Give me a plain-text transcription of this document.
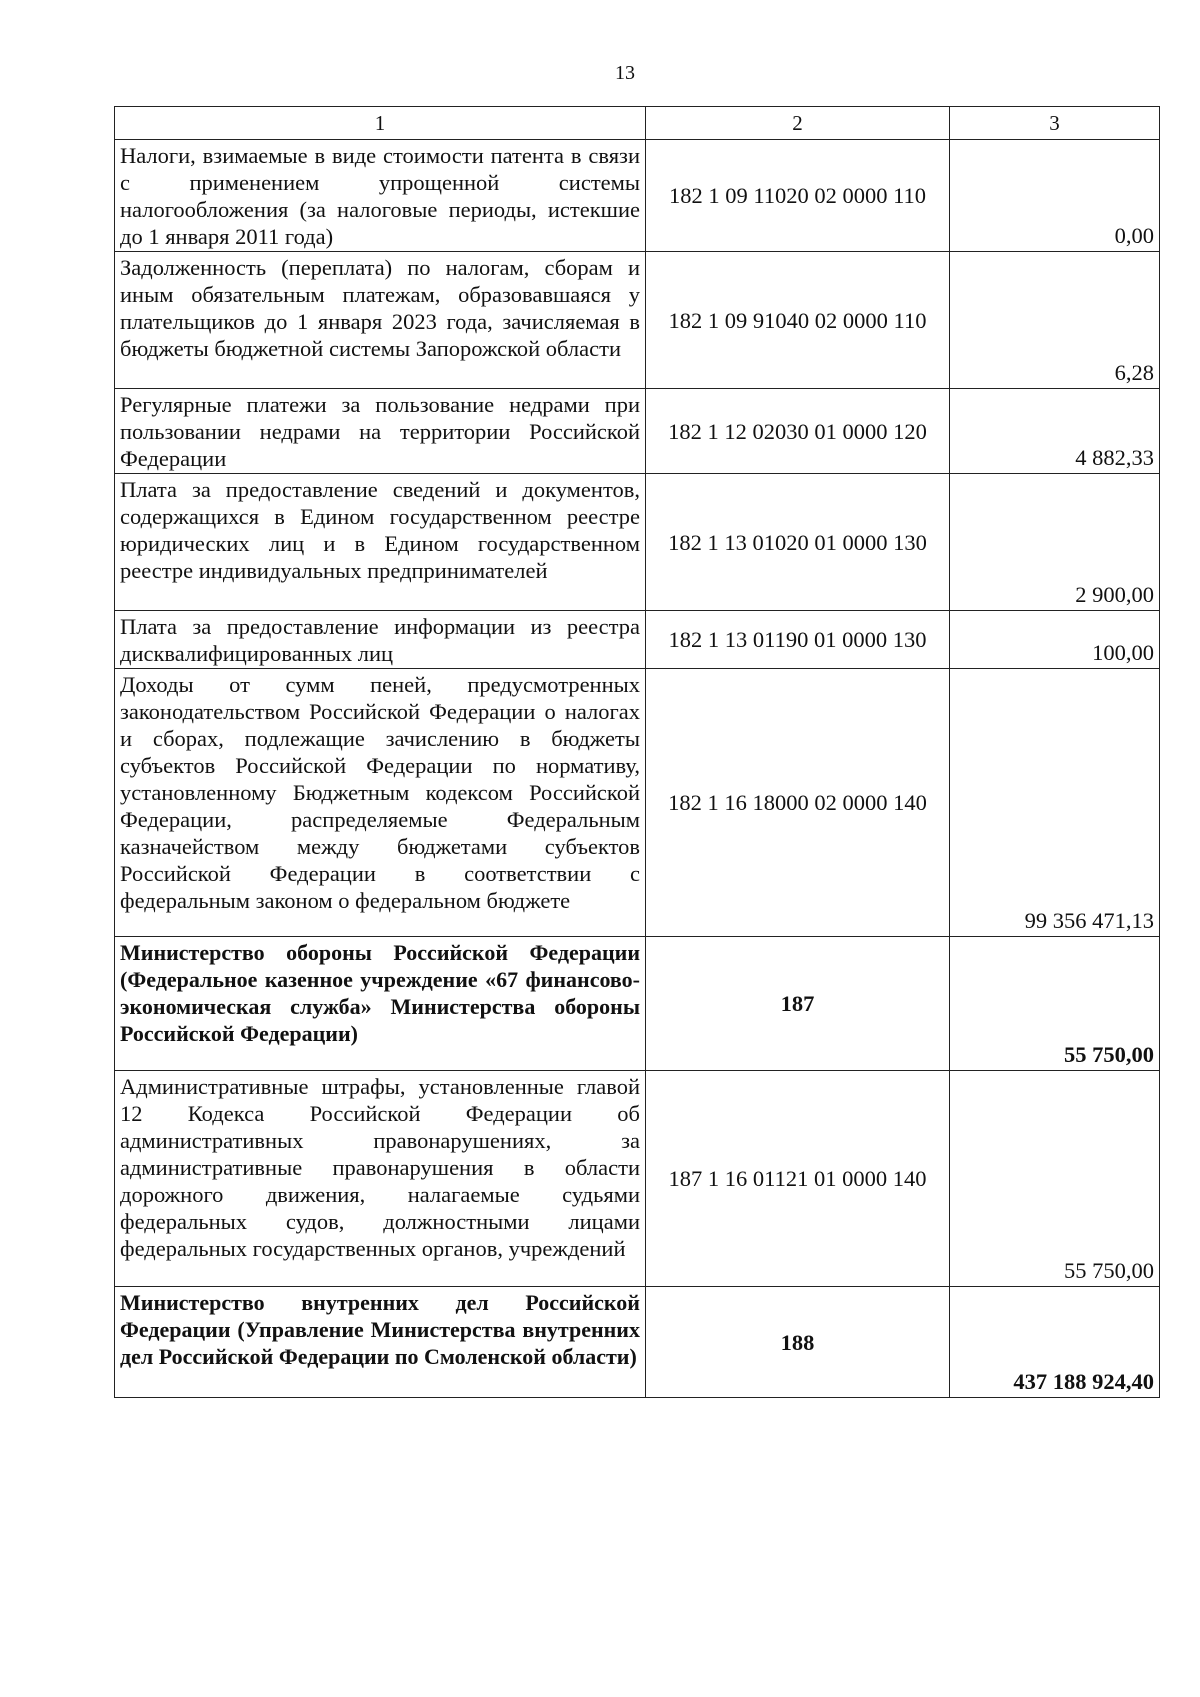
13
1	2	3
Налоги, взимаемые в виде стоимости патента в связи с применением упрощенной системы налогообложения (за налоговые периоды, истекшие до 1 января 2011 года)	182 1 09 11020 02 0000 110	0,00
Задолженность (переплата) по налогам, сборам и иным обязательным платежам, образовавшаяся у плательщиков до 1 января 2023 года, зачисляемая в бюджеты бюджетной системы Запорожской области	182 1 09 91040 02 0000 110	6,28
Регулярные платежи за пользование недрами при пользовании недрами на территории Российской Федерации	182 1 12 02030 01 0000 120	4 882,33
Плата за предоставление сведений и документов, содержащихся в Едином государственном реестре юридических лиц и в Едином государственном реестре индивидуальных предпринимателей	182 1 13 01020 01 0000 130	2 900,00
Плата за предоставление информации из реестра дисквалифицированных лиц	182 1 13 01190 01 0000 130	100,00
Доходы от сумм пеней, предусмотренных законодательством Российской Федерации о налогах и сборах, подлежащие зачислению в бюджеты субъектов Российской Федерации по нормативу, установленному Бюджетным кодексом Российской Федерации, распределяемые Федеральным казначейством между бюджетами субъектов Российской Федерации в соответствии с федеральным законом о федеральном бюджете	182 1 16 18000 02 0000 140	99 356 471,13
Министерство обороны Российской Федерации (Федеральное казенное учреждение «67 финансово-экономическая служба» Министерства обороны Российской Федерации)	187	55 750,00
Административные штрафы, установленные главой 12 Кодекса Российской Федерации об административных правонарушениях, за административные правонарушения в области дорожного движения, налагаемые судьями федеральных судов, должностными лицами федеральных государственных органов, учреждений	187 1 16 01121 01 0000 140	55 750,00
Министерство внутренних дел Российской Федерации (Управление Министерства внутренних дел Российской Федерации по Смоленской области)	188	437 188 924,40
